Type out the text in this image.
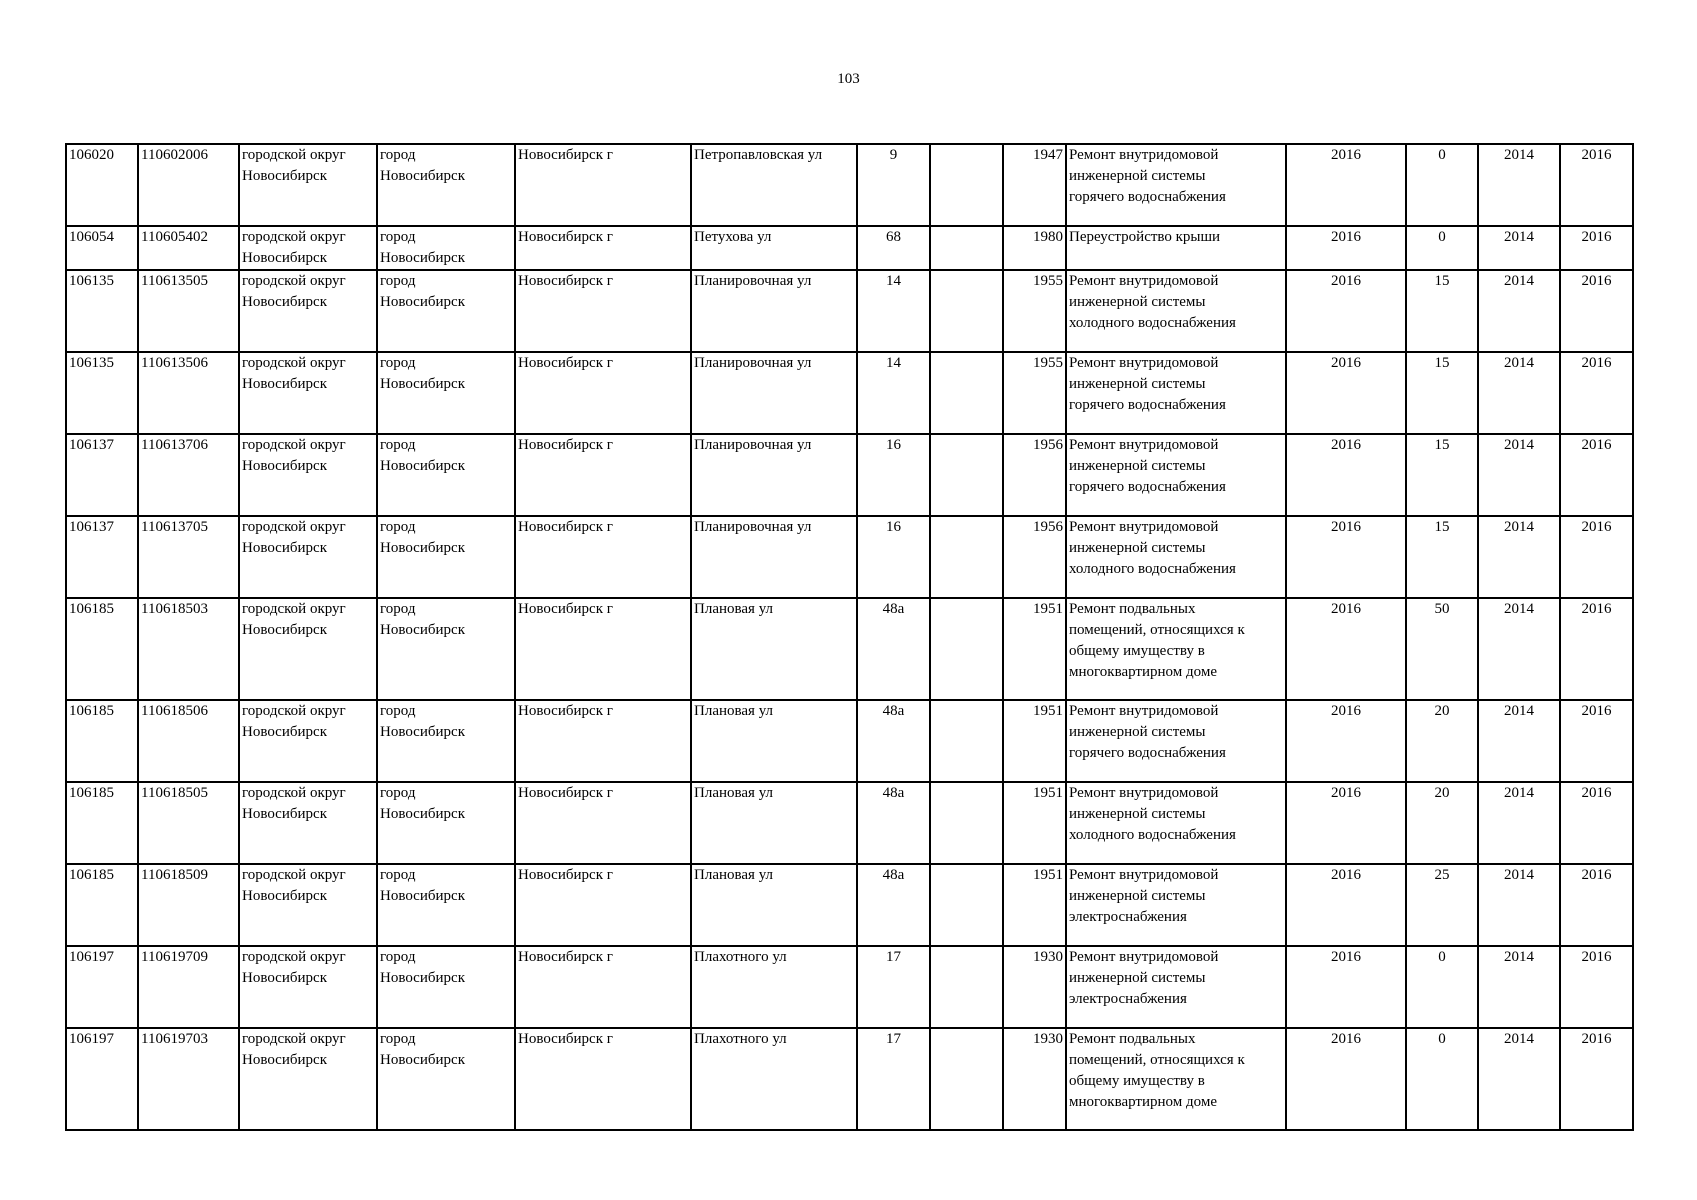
103
106020	110602006	городской округ
Новосибирск	город
Новосибирск	Новосибирск г	Петропавловская ул	9		1947	Ремонт внутридомовой
инженерной системы
горячего водоснабжения	2016	0	2014	2016

106054	110605402	городской округ
Новосибирск	город
Новосибирск	Новосибирск г	Петухова ул	68		1980	Переустройство крыши	2016	0	2014	2016

106135	110613505	городской округ
Новосибирск	город
Новосибирск	Новосибирск г	Планировочная ул	14		1955	Ремонт внутридомовой
инженерной системы
холодного водоснабжения	2016	15	2014	2016

106135	110613506	городской округ
Новосибирск	город
Новосибирск	Новосибирск г	Планировочная ул	14		1955	Ремонт внутридомовой
инженерной системы
горячего водоснабжения	2016	15	2014	2016

106137	110613706	городской округ
Новосибирск	город
Новосибирск	Новосибирск г	Планировочная ул	16		1956	Ремонт внутридомовой
инженерной системы
горячего водоснабжения	2016	15	2014	2016

106137	110613705	городской округ
Новосибирск	город
Новосибирск	Новосибирск г	Планировочная ул	16		1956	Ремонт внутридомовой
инженерной системы
холодного водоснабжения	2016	15	2014	2016

106185	110618503	городской округ
Новосибирск	город
Новосибирск	Новосибирск г	Плановая ул	48а		1951	Ремонт подвальных
помещений, относящихся к
общему имуществу в
многоквартирном доме	2016	50	2014	2016

106185	110618506	городской округ
Новосибирск	город
Новосибирск	Новосибирск г	Плановая ул	48а		1951	Ремонт внутридомовой
инженерной системы
горячего водоснабжения	2016	20	2014	2016

106185	110618505	городской округ
Новосибирск	город
Новосибирск	Новосибирск г	Плановая ул	48а		1951	Ремонт внутридомовой
инженерной системы
холодного водоснабжения	2016	20	2014	2016

106185	110618509	городской округ
Новосибирск	город
Новосибирск	Новосибирск г	Плановая ул	48а		1951	Ремонт внутридомовой
инженерной системы
электроснабжения	2016	25	2014	2016

106197	110619709	городской округ
Новосибирск	город
Новосибирск	Новосибирск г	Плахотного ул	17		1930	Ремонт внутридомовой
инженерной системы
электроснабжения	2016	0	2014	2016

106197	110619703	городской округ
Новосибирск	город
Новосибирск	Новосибирск г	Плахотного ул	17		1930	Ремонт подвальных
помещений, относящихся к
общему имуществу в
многоквартирном доме	2016	0	2014	2016
